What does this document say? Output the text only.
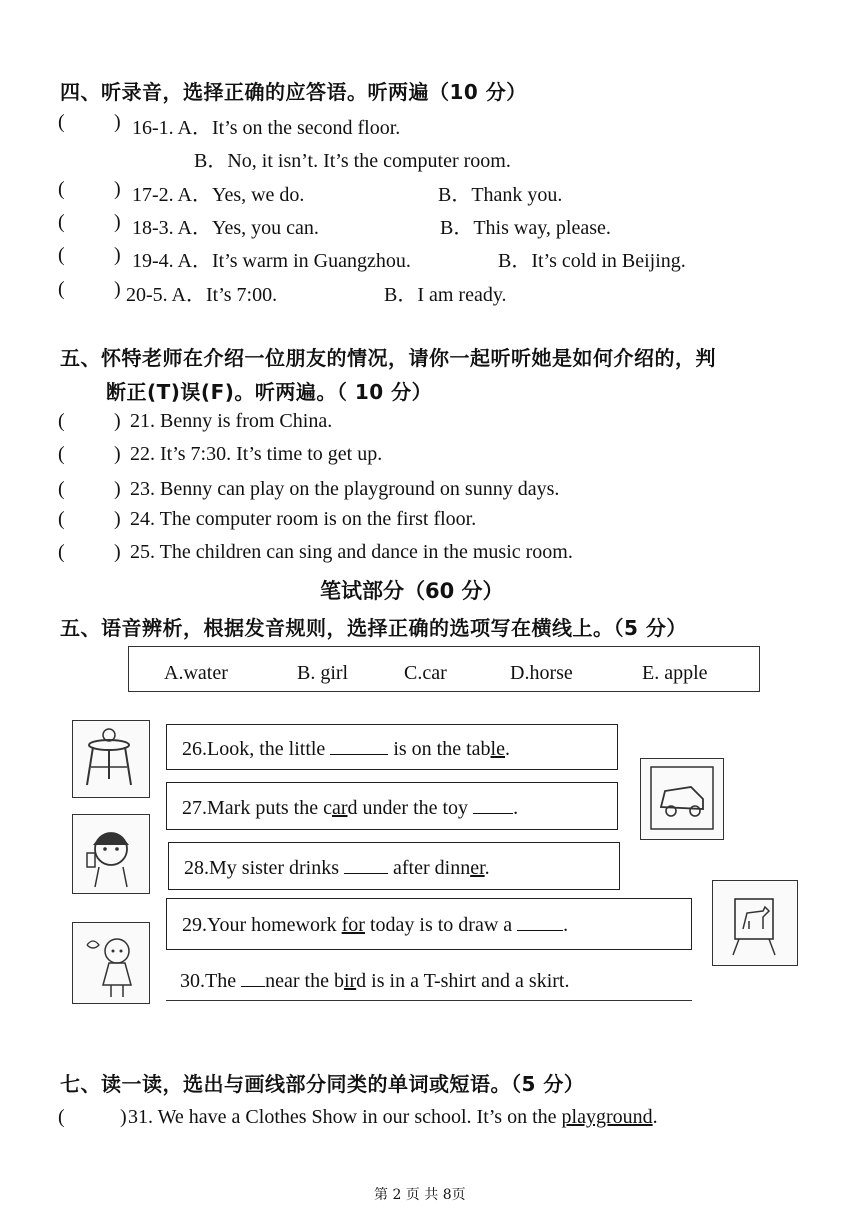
四、听录音，选择正确的应答语。听两遍（10 分）
( ) 16-1. A．It’s on the second floor.
B．No, it isn’t. It’s the computer room.
( ) 17-2. A．Yes, we do.	B．Thank you.
( ) 18-3. A．Yes, you can.	B．This way, please.
( ) 19-4. A．It’s warm in Guangzhou.	B．It’s cold in Beijing.
( ) 20-5. A．It’s 7:00.	B．I am ready.
五、怀特老师在介绍一位朋友的情况，请你一起听听她是如何介绍的，判
断正(T)误(F)。听两遍。（ 10 分）
( ) 21. Benny is from China.
( ) 22. It’s 7:30. It’s time to get up.
( ) 23. Benny can play on the playground on sunny days.
( ) 24. The computer room is on the first floor.
( ) 25. The children can sing and dance in the music room.
笔试部分（60 分）
五、语音辨析，根据发音规则，选择正确的选项写在横线上。（5 分）
A.water	B. girl	C.car	D.horse	E. apple
26.Look, the little	is on the table.
27.Mark puts the card under the toy .
28.My sister drinks	after dinner.
29.Your homework for today is to draw a	.
30.The near the bird is in a T-shirt and a skirt.
七、读一读，选出与画线部分同类的单词或短语。（5 分）
(	) 31. We have a Clothes Show in our school. It’s on the playground.
第 2 页 共 8页
